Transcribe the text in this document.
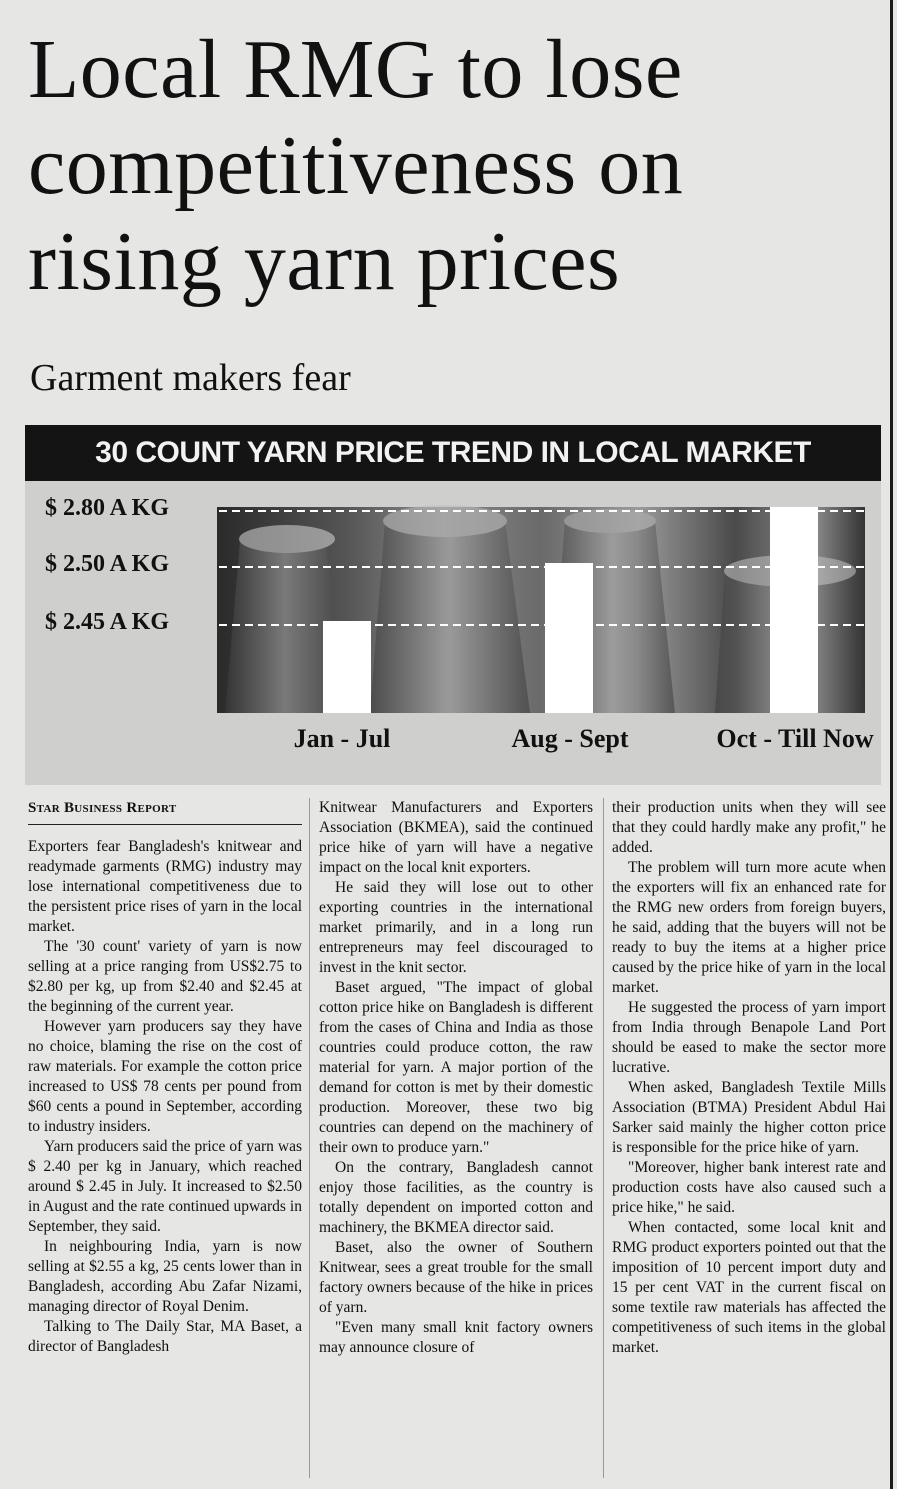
Local RMG to lose
competitiveness on
rising yarn prices
Garment makers fear
30 COUNT YARN PRICE TREND IN LOCAL MARKET
$ 2.80 A KG
$ 2.50 A KG
$ 2.45 A KG
Jan - Jul	Aug - Sept	Oct - Till Now
Star Business Report

Exporters fear Bangladesh's knitwear and readymade garments (RMG) industry may lose international competitiveness due to the persistent price rises of yarn in the local market.

The '30 count' variety of yarn is now selling at a price ranging from US$2.75 to $2.80 per kg, up from $2.40 and $2.45 at the beginning of the current year.

However yarn producers say they have no choice, blaming the rise on the cost of raw materials. For example the cotton price increased to US$ 78 cents per pound from $60 cents a pound in September, according to industry insiders.

Yarn producers said the price of yarn was $ 2.40 per kg in January, which reached around $ 2.45 in July. It increased to $2.50 in August and the rate continued upwards in September, they said.

In neighbouring India, yarn is now selling at $2.55 a kg, 25 cents lower than in Bangladesh, according Abu Zafar Nizami, managing director of Royal Denim.

Talking to The Daily Star, MA Baset, a director of Bangladesh

Knitwear Manufacturers and Exporters Association (BKMEA), said the continued price hike of yarn will have a negative impact on the local knit exporters.

He said they will lose out to other exporting countries in the international market primarily, and in a long run entrepreneurs may feel discouraged to invest in the knit sector.

Baset argued, "The impact of global cotton price hike on Bangladesh is different from the cases of China and India as those countries could produce cotton, the raw material for yarn. A major portion of the demand for cotton is met by their domestic production. Moreover, these two big countries can depend on the machinery of their own to produce yarn."

On the contrary, Bangladesh cannot enjoy those facilities, as the country is totally dependent on imported cotton and machinery, the BKMEA director said.

Baset, also the owner of Southern Knitwear, sees a great trouble for the small factory owners because of the hike in prices of yarn.

"Even many small knit factory owners may announce closure of

their production units when they will see that they could hardly make any profit," he added.

The problem will turn more acute when the exporters will fix an enhanced rate for the RMG new orders from foreign buyers, he said, adding that the buyers will not be ready to buy the items at a higher price caused by the price hike of yarn in the local market.

He suggested the process of yarn import from India through Benapole Land Port should be eased to make the sector more lucrative.

When asked, Bangladesh Textile Mills Association (BTMA) President Abdul Hai Sarker said mainly the higher cotton price is responsible for the price hike of yarn.

"Moreover, higher bank interest rate and production costs have also caused such a price hike," he said.

When contacted, some local knit and RMG product exporters pointed out that the imposition of 10 percent import duty and 15 per cent VAT in the current fiscal on some textile raw materials has affected the competitiveness of such items in the global market.
